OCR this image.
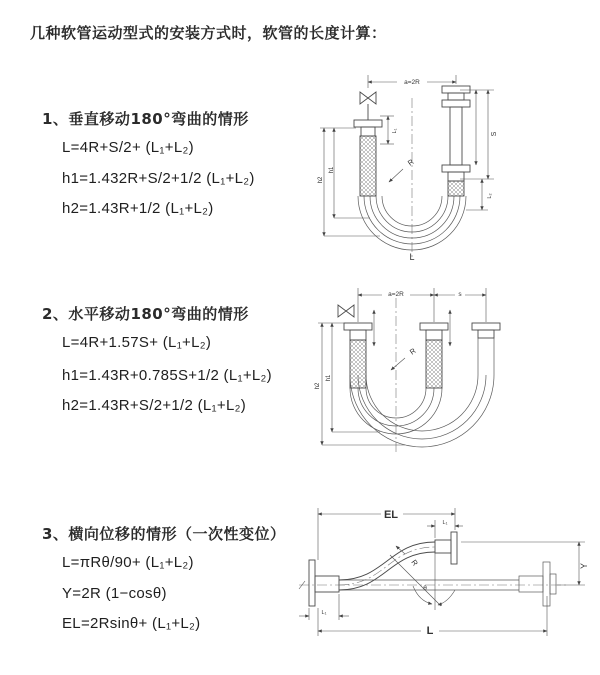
几种软管运动型式的安装方式时，软管的长度计算：
1、垂直移动180°弯曲的情形
L=4R+S/2+ (L₁+L₂)
h1=1.432R+S/2+1/2 (L₁+L₂)
h2=1.43R+1/2 (L₁+L₂)
a=2R
h1
h2
L₁
S
L₂
R
L
2、水平移动180°弯曲的情形
L=4R+1.57S+ (L₁+L₂)
h1=1.43R+0.785S+1/2 (L₁+L₂)
h2=1.43R+S/2+1/2 (L₁+L₂)
a=2R	s
h1
h2
R
3、横向位移的情形（一次性变位）
L=πRθ/90+ (L₁+L₂)
Y=2R (1−cosθ)
EL=2Rsinθ+ (L₁+L₂)
EL
L₁
Y
L
L₁
R
θ
